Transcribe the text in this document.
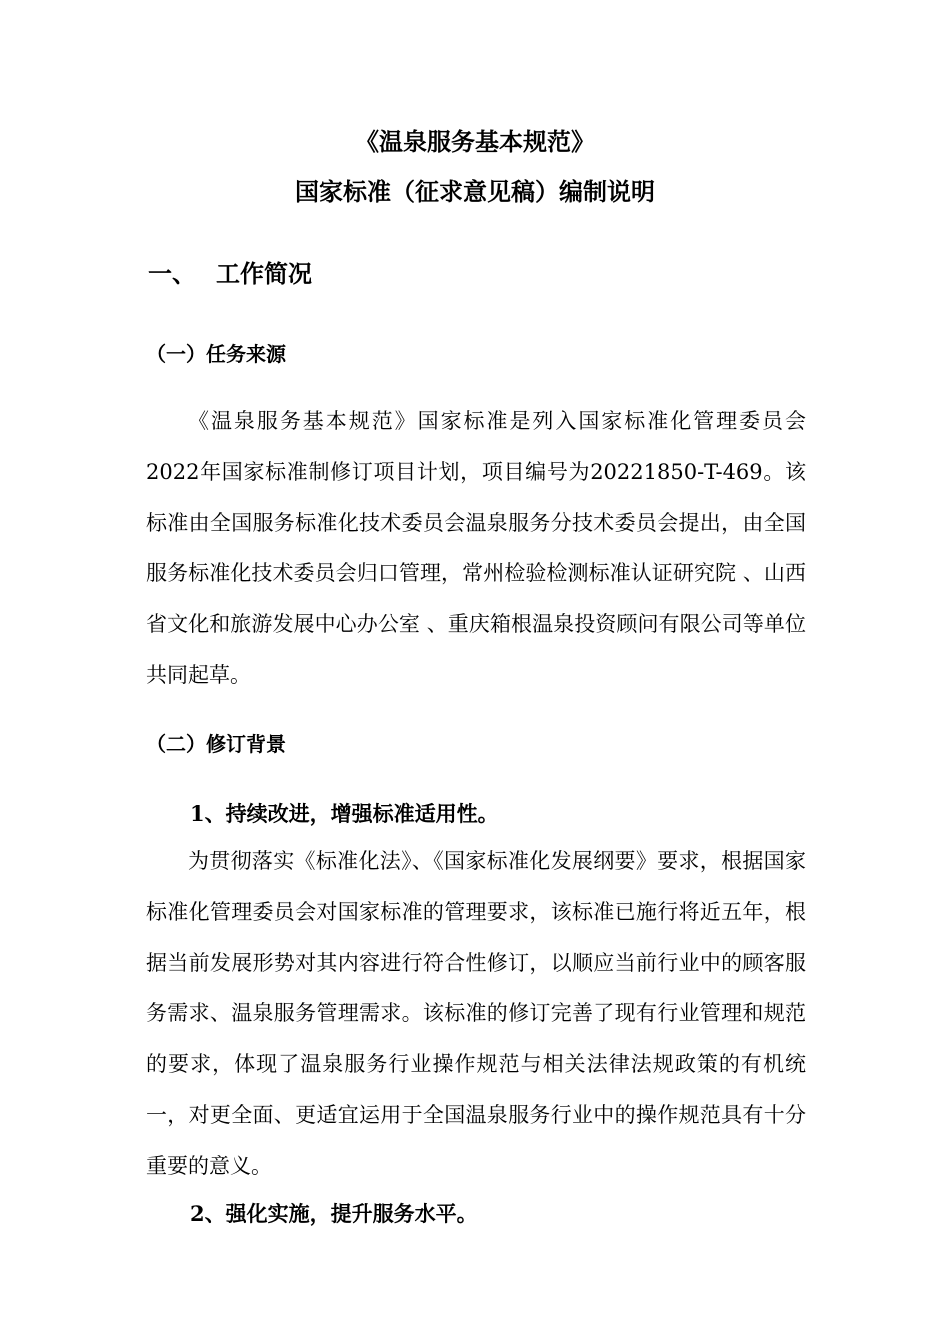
《温泉服务基本规范》
国家标准（征求意见稿）编制说明
一、 工作简况
（一）任务来源

《温泉服务基本规范》国家标准是列入国家标准化管理委员会2022年国家标准制修订项目计划，项目编号为20221850-T-469。该标准由全国服务标准化技术委员会温泉服务分技术委员会提出，由全国服务标准化技术委员会归口管理，常州检验检测标准认证研究院 、山西省文化和旅游发展中心办公室 、重庆箱根温泉投资顾问有限公司等单位共同起草。

（二）修订背景
1、持续改进，增强标准适用性。

为贯彻落实《标准化法》、《国家标准化发展纲要》要求，根据国家标准化管理委员会对国家标准的管理要求，该标准已施行将近五年，根据当前发展形势对其内容进行符合性修订，以顺应当前行业中的顾客服务需求、温泉服务管理需求。该标准的修订完善了现有行业管理和规范的要求，体现了温泉服务行业操作规范与相关法律法规政策的有机统一，对更全面、更适宜运用于全国温泉服务行业中的操作规范具有十分重要的意义。

2、强化实施，提升服务水平。
